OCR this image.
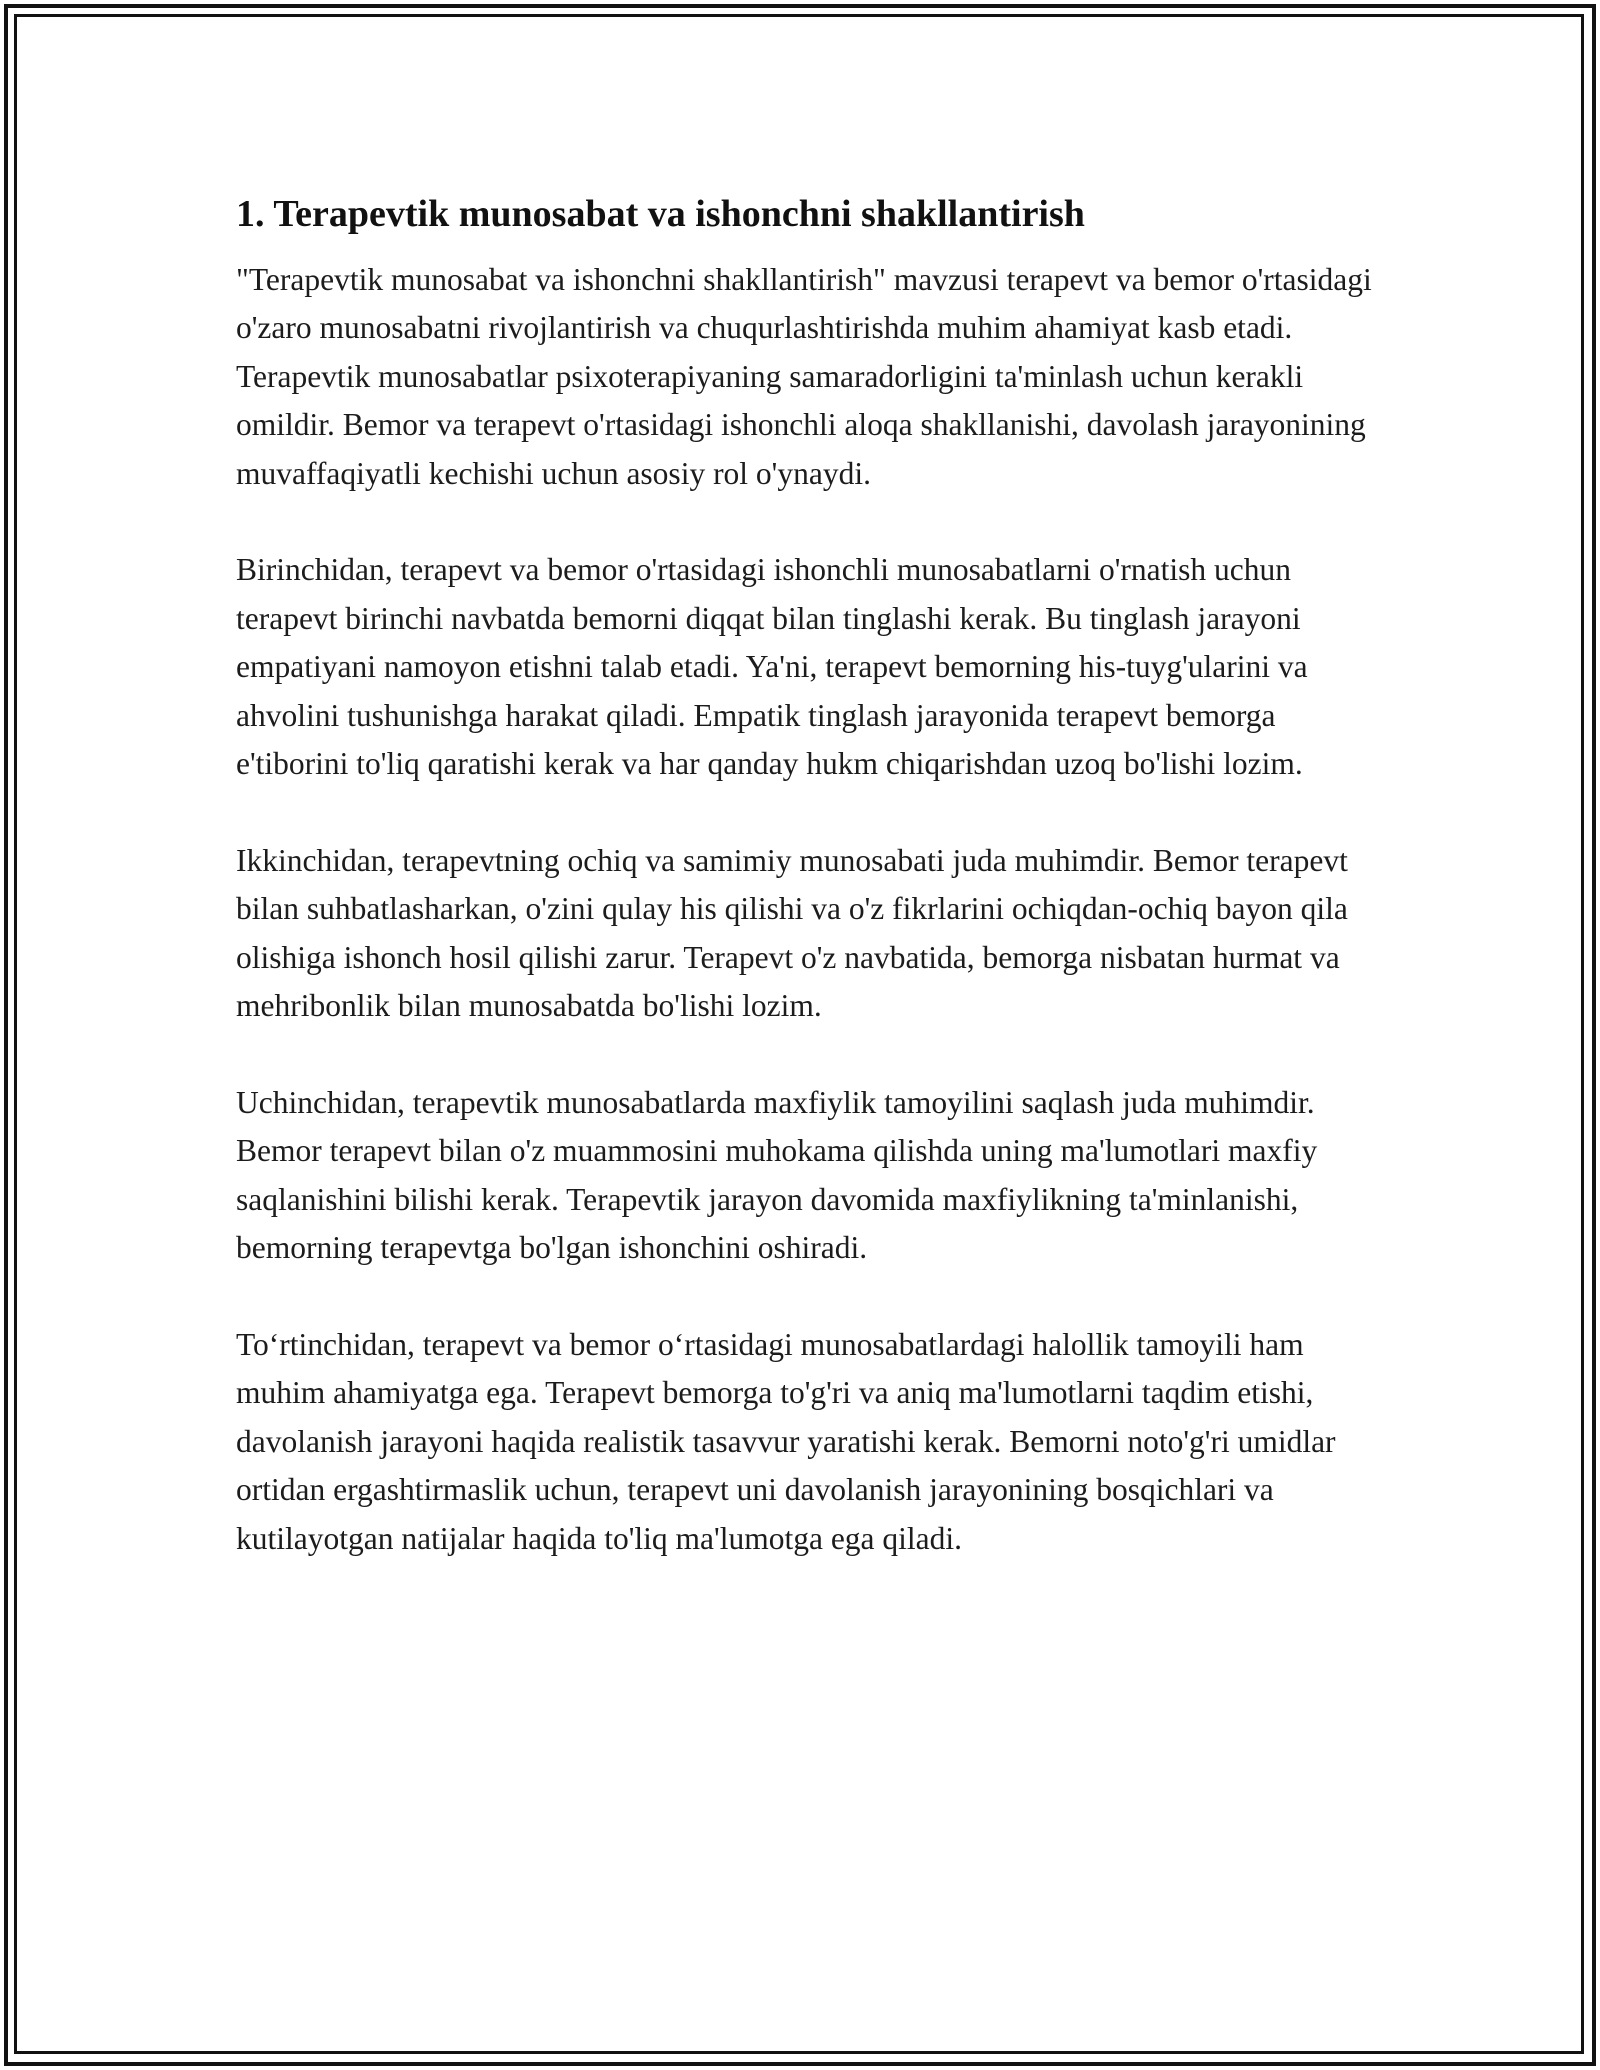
1. Terapevtik munosabat va ishonchni shakllantirish

"Terapevtik munosabat va ishonchni shakllantirish" mavzusi terapevt va bemor o'rtasidagi o'zaro munosabatni rivojlantirish va chuqurlashtirishda muhim ahamiyat kasb etadi. Terapevtik munosabatlar psixoterapiyaning samaradorligini ta'minlash uchun kerakli omildir. Bemor va terapevt o'rtasidagi ishonchli aloqa shakllanishi, davolash jarayonining muvaffaqiyatli kechishi uchun asosiy rol o'ynaydi.

Birinchidan, terapevt va bemor o'rtasidagi ishonchli munosabatlarni o'rnatish uchun terapevt birinchi navbatda bemorni diqqat bilan tinglashi kerak. Bu tinglash jarayoni empatiyani namoyon etishni talab etadi. Ya'ni, terapevt bemorning his-tuyg'ularini va ahvolini tushunishga harakat qiladi. Empatik tinglash jarayonida terapevt bemorga e'tiborini to'liq qaratishi kerak va har qanday hukm chiqarishdan uzoq bo'lishi lozim.

Ikkinchidan, terapevtning ochiq va samimiy munosabati juda muhimdir. Bemor terapevt bilan suhbatlasharkan, o'zini qulay his qilishi va o'z fikrlarini ochiqdan-ochiq bayon qila olishiga ishonch hosil qilishi zarur. Terapevt o'z navbatida, bemorga nisbatan hurmat va mehribonlik bilan munosabatda bo'lishi lozim.

Uchinchidan, terapevtik munosabatlarda maxfiylik tamoyilini saqlash juda muhimdir. Bemor terapevt bilan o'z muammosini muhokama qilishda uning ma'lumotlari maxfiy saqlanishini bilishi kerak. Terapevtik jarayon davomida maxfiylikning ta'minlanishi, bemorning terapevtga bo'lgan ishonchini oshiradi.

To‘rtinchidan, terapevt va bemor o‘rtasidagi munosabatlardagi halollik tamoyili ham muhim ahamiyatga ega. Terapevt bemorga to'g'ri va aniq ma'lumotlarni taqdim etishi, davolanish jarayoni haqida realistik tasavvur yaratishi kerak. Bemorni noto'g'ri umidlar ortidan ergashtirmaslik uchun, terapevt uni davolanish jarayonining bosqichlari va kutilayotgan natijalar haqida to'liq ma'lumotga ega qiladi.
